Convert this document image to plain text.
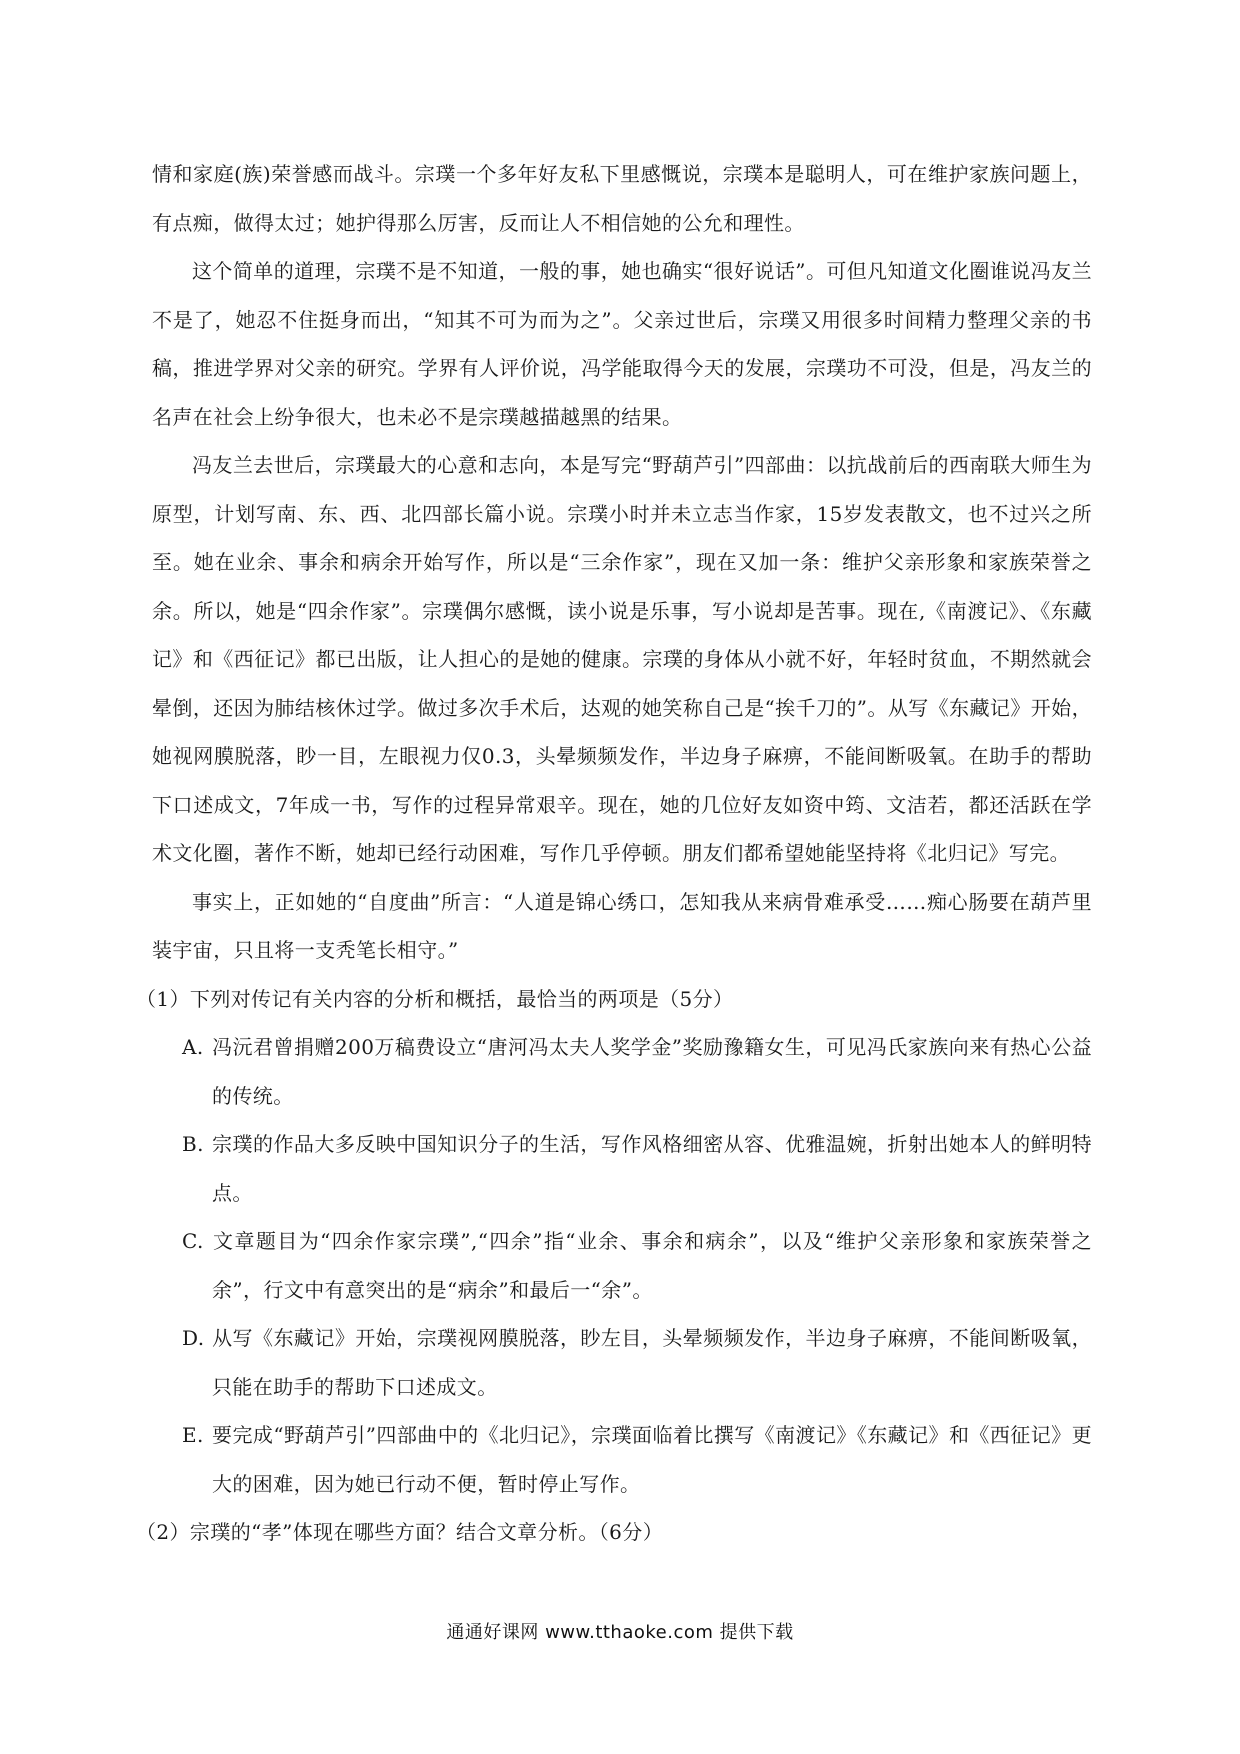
情和家庭(族)荣誉感而战斗。宗璞一个多年好友私下里感慨说，宗璞本是聪明人，可在维护家族问题上，有点痴，做得太过；她护得那么厉害，反而让人不相信她的公允和理性。

这个简单的道理，宗璞不是不知道，一般的事，她也确实“很好说话”。可但凡知道文化圈谁说冯友兰不是了，她忍不住挺身而出，“知其不可为而为之”。父亲过世后，宗璞又用很多时间精力整理父亲的书稿，推进学界对父亲的研究。学界有人评价说，冯学能取得今天的发展，宗璞功不可没，但是，冯友兰的名声在社会上纷争很大，也未必不是宗璞越描越黑的结果。

冯友兰去世后，宗璞最大的心意和志向，本是写完“野葫芦引”四部曲：以抗战前后的西南联大师生为原型，计划写南、东、西、北四部长篇小说。宗璞小时并未立志当作家，15岁发表散文，也不过兴之所至。她在业余、事余和病余开始写作，所以是“三余作家”，现在又加一条：维护父亲形象和家族荣誉之余。所以，她是“四余作家”。宗璞偶尔感慨，读小说是乐事，写小说却是苦事。现在,《南渡记》、《东藏记》和《西征记》都已出版，让人担心的是她的健康。宗璞的身体从小就不好，年轻时贫血，不期然就会晕倒，还因为肺结核休过学。做过多次手术后，达观的她笑称自己是“挨千刀的”。从写《东藏记》开始，她视网膜脱落，眇一目，左眼视力仅0.3，头晕频频发作，半边身子麻痹，不能间断吸氧。在助手的帮助下口述成文，7年成一书，写作的过程异常艰辛。现在，她的几位好友如资中筠、文洁若，都还活跃在学术文化圈，著作不断，她却已经行动困难，写作几乎停顿。朋友们都希望她能坚持将《北归记》写完。

事实上，正如她的“自度曲”所言：“人道是锦心绣口，怎知我从来病骨难承受……痴心肠要在葫芦里装宇宙，只且将一支秃笔长相守。”

（1）下列对传记有关内容的分析和概括，最恰当的两项是（5分）

A. 冯沅君曾捐赠200万稿费设立“唐河冯太夫人奖学金”奖励豫籍女生，可见冯氏家族向来有热心公益的传统。

B. 宗璞的作品大多反映中国知识分子的生活，写作风格细密从容、优雅温婉，折射出她本人的鲜明特点。

C. 文章题目为“四余作家宗璞”,“四余”指“业余、事余和病余”，以及“维护父亲形象和家族荣誉之余”，行文中有意突出的是“病余”和最后一“余”。

D. 从写《东藏记》开始，宗璞视网膜脱落，眇左目，头晕频频发作，半边身子麻痹，不能间断吸氧，只能在助手的帮助下口述成文。

E. 要完成“野葫芦引”四部曲中的《北归记》，宗璞面临着比撰写《南渡记》《东藏记》和《西征记》更大的困难，因为她已行动不便，暂时停止写作。

（2）宗璞的“孝”体现在哪些方面？结合文章分析。（6分）

通通好课网 www.tthaoke.com 提供下载
